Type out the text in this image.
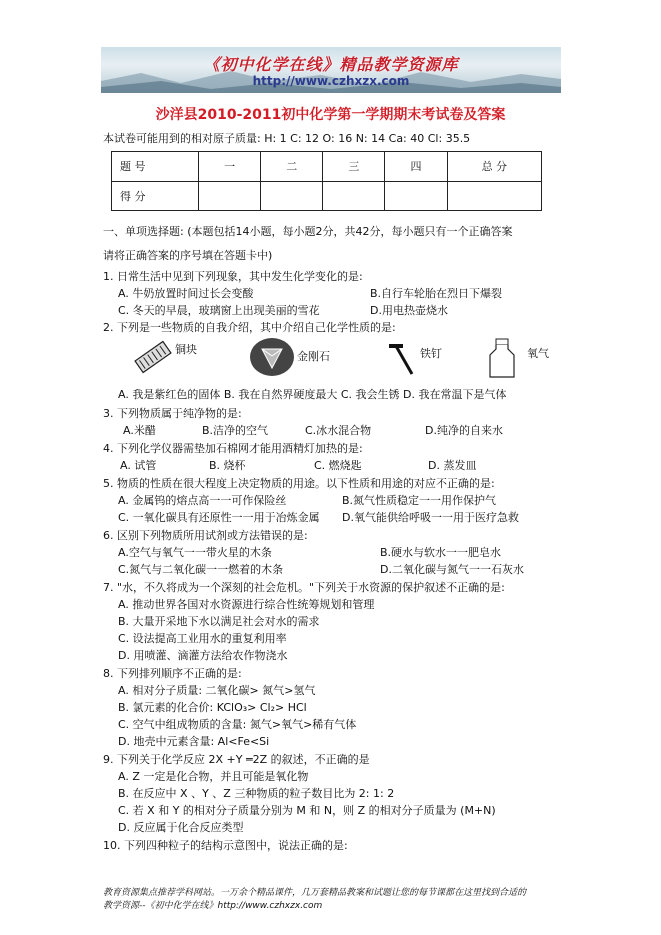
《初中化学在线》精品教学资源库
http://www.czhxzx.com
沙洋县2010-2011初中化学第一学期期末考试卷及答案
本试卷可能用到的相对原子质量: H: 1 C: 12 O: 16 N: 14 Ca: 40 Cl: 35.5
题 号	一	二	三	四	总 分
得 分					
一、单项选择题: (本题包括14小题，每小题2分，共42分，每小题只有一个正确答案
请将正确答案的序号填在答题卡中)
1. 日常生活中见到下列现象，其中发生化学变化的是:
A. 牛奶放置时间过长会变酸	B.自行车轮胎在烈日下爆裂
C. 冬天的早晨，玻璃窗上出现美丽的雪花	D.用电热壶烧水
2. 下列是一些物质的自我介绍，其中介绍自己化学性质的是:
铜块
金刚石	铁钉	氧气
A. 我是紫红色的固体 B. 我在自然界硬度最大 C. 我会生锈 D. 我在常温下是气体
3. 下列物质属于纯净物的是:
A.米醋	B.洁净的空气	C.冰水混合物	D.纯净的自来水
4. 下列化学仪器需垫加石棉网才能用酒精灯加热的是:
A. 试管	B. 烧杯	C. 燃烧匙	D. 蒸发皿
5. 物质的性质在很大程度上决定物质的用途。以下性质和用途的对应不正确的是:
A. 金属钨的熔点高一一可作保险丝	B.氮气性质稳定一一用作保护气
C. 一氧化碳具有还原性一一用于冶炼金属 D.氧气能供给呼吸一一用于医疗急救
6. 区别下列物质所用试剂或方法错误的是:
A.空气与氧气一一带火星的木条	B.硬水与软水一一肥皂水
C.氮气与二氧化碳一一燃着的木条	D.二氧化碳与氮气一一石灰水
7. "水，不久将成为一个深刻的社会危机。"下列关于水资源的保护叙述不正确的是:
A. 推动世界各国对水资源进行综合性统筹规划和管理
B. 大量开采地下水以满足社会对水的需求
C. 设法提高工业用水的重复利用率
D. 用喷灌、滴灌方法给农作物浇水
8. 下列排列顺序不正确的是:
A. 相对分子质量: 二氧化碳> 氮气>氢气
B. 氯元素的化合价: KClO₃> Cl₂> HCl
C. 空气中组成物质的含量: 氮气>氧气>稀有气体
D. 地壳中元素含量: Al<Fe<Si
9. 下列关于化学反应 2X +Y ═2Z 的叙述，不正确的是
A. Z 一定是化合物，并且可能是氧化物
B. 在反应中 X 、Y 、Z 三种物质的粒子数目比为 2: 1: 2
C. 若 X 和 Y 的相对分子质量分别为 M 和 N，则 Z 的相对分子质量为 (M+N)
D. 反应属于化合反应类型
10. 下列四种粒子的结构示意图中，说法正确的是:
教育资源集点推荐学科网站。一万余个精品课件，几万套精品教案和试题让您的每节课都在这里找到合适的
教学资源--《初中化学在线》http://www.czhxzx.com
